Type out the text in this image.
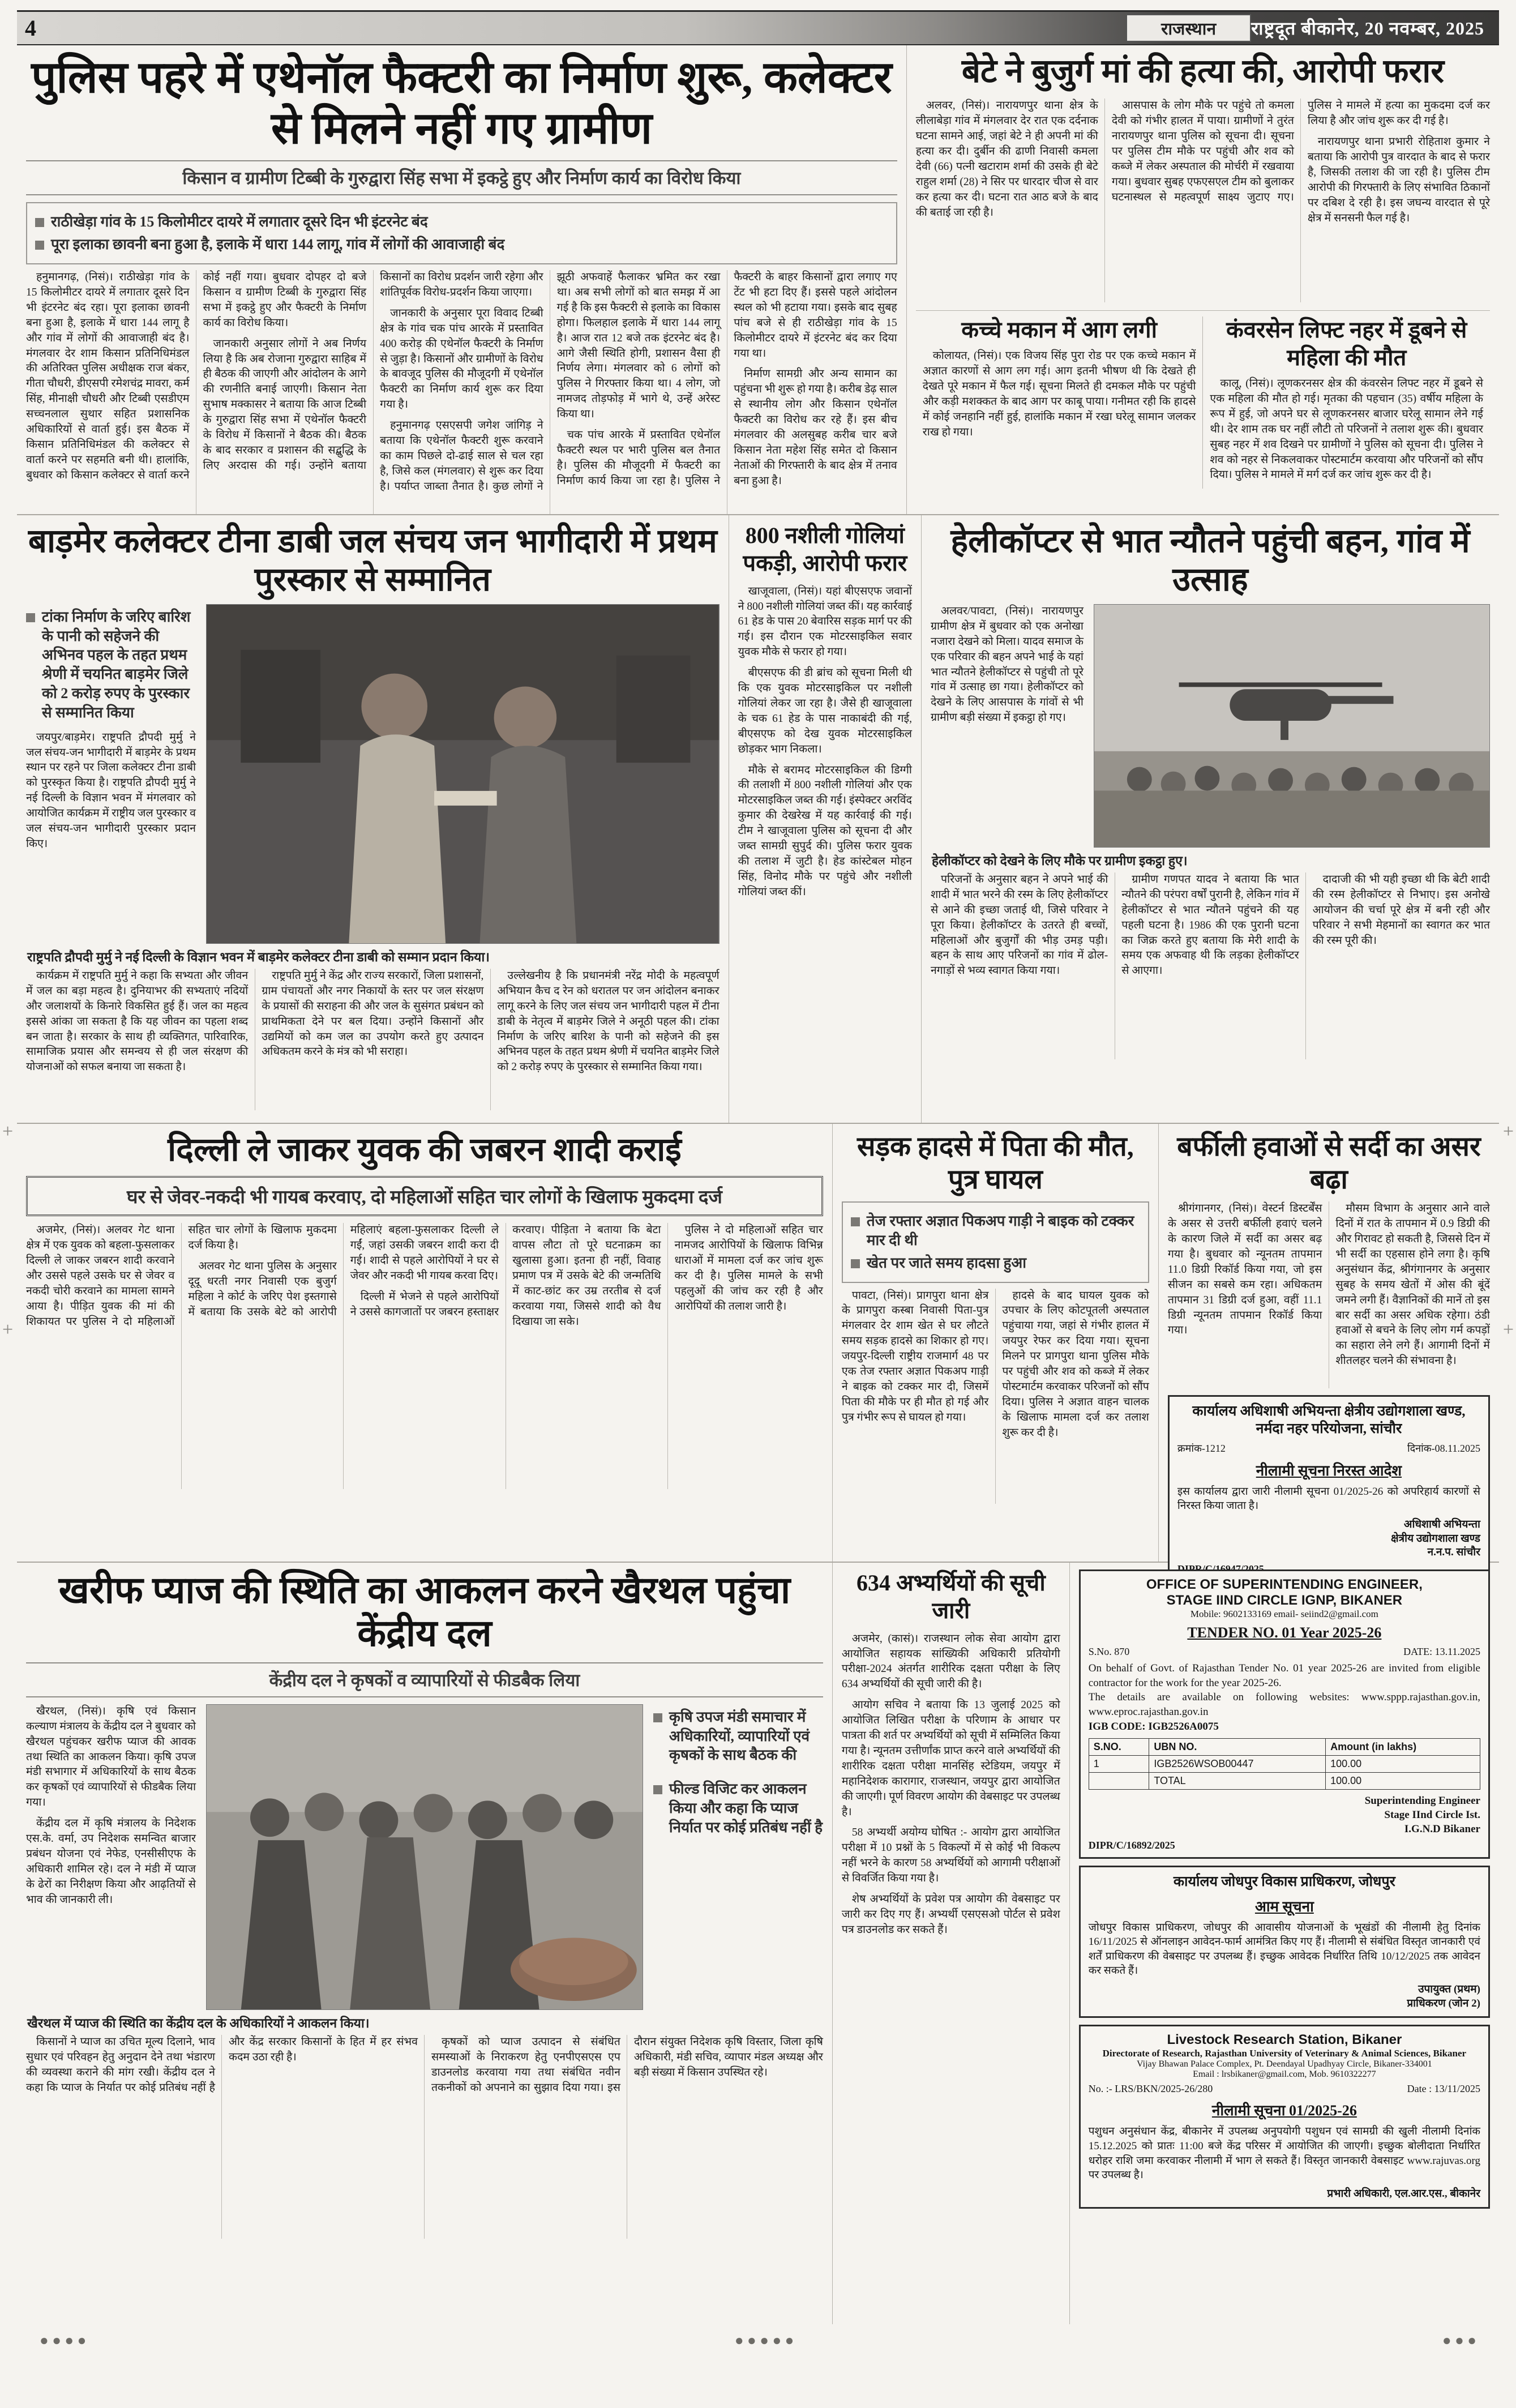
4	राजस्थान	राष्ट्रदूत बीकानेर, 20 नवम्बर, 2025
पुलिस पहरे में एथेनॉल फैक्टरी का निर्माण शुरू, कलेक्टर से मिलने नहीं गए ग्रामीण
किसान व ग्रामीण टिब्बी के गुरुद्वारा सिंह सभा में इकट्ठे हुए और निर्माण कार्य का विरोध किया
राठीखेड़ा गांव के 15 किलोमीटर दायरे में लगातार दूसरे दिन भी इंटरनेट बंद
पूरा इलाका छावनी बना हुआ है, इलाके में धारा 144 लागू, गांव में लोगों की आवाजाही बंद

हनुमानगढ़, (निसं)। राठीखेड़ा गांव के 15 किलोमीटर दायरे में लगातार दूसरे दिन भी इंटरनेट बंद रहा। पूरा इलाका छावनी बना हुआ है, इलाके में धारा 144 लागू है और गांव में लोगों की आवाजाही बंद है। मंगलवार देर शाम किसान प्रतिनिधिमंडल की अतिरिक्त पुलिस अधीक्षक राज बंकर, गीता चौधरी, डीएसपी रमेशचंद्र मावरा, कर्म सिंह, मीनाक्षी चौधरी और टिब्बी एसडीएम सच्चनलाल सुथार सहित प्रशासनिक अधिकारियों से वार्ता हुई। इस बैठक में किसान प्रतिनिधिमंडल की कलेक्टर से वार्ता करने पर सहमति बनी थी। हालांकि, बुधवार को किसान कलेक्टर से वार्ता करने कोई नहीं गया। बुधवार दोपहर दो बजे किसान व ग्रामीण टिब्बी के गुरुद्वारा सिंह सभा में इकट्ठे हुए और फैक्टरी के निर्माण कार्य का विरोध किया।

जानकारी अनुसार लोगों ने अब निर्णय लिया है कि अब रोजाना गुरुद्वारा साहिब में ही बैठक की जाएगी और आंदोलन के आगे की रणनीति बनाई जाएगी। किसान नेता सुभाष मक्कासर ने बताया कि आज टिब्बी के गुरुद्वारा सिंह सभा में एथेनॉल फैक्टरी के विरोध में किसानों ने बैठक की। बैठक के बाद सरकार व प्रशासन की सद्बुद्धि के लिए अरदास की गई। उन्होंने बताया किसानों का विरोध प्रदर्शन जारी रहेगा और शांतिपूर्वक विरोध-प्रदर्शन किया जाएगा।

जानकारी के अनुसार पूरा विवाद टिब्बी क्षेत्र के गांव चक पांच आरके में प्रस्तावित 400 करोड़ की एथेनॉल फैक्टरी के निर्माण से जुड़ा है। किसानों और ग्रामीणों के विरोध के बावजूद पुलिस की मौजूदगी में एथेनॉल फैक्टरी का निर्माण कार्य शुरू कर दिया गया है।

हनुमानगढ़ एसएसपी जगेश जांगिड़ ने बताया कि एथेनॉल फैक्टरी शुरू करवाने का काम पिछले दो-ढाई साल से चल रहा है, जिसे कल (मंगलवार) से शुरू कर दिया है। पर्याप्त जाब्ता तैनात है। कुछ लोगों ने झूठी अफवाहें फैलाकर भ्रमित कर रखा था। अब सभी लोगों को बात समझ में आ गई है कि इस फैक्टरी से इलाके का विकास होगा। फिलहाल इलाके में धारा 144 लागू है। आज रात 12 बजे तक इंटरनेट बंद है। आगे जैसी स्थिति होगी, प्रशासन वैसा ही निर्णय लेगा। मंगलवार को 6 लोगों को पुलिस ने गिरफ्तार किया था। 4 लोग, जो नामजद तोड़फोड़ में भागे थे, उन्हें अरेस्ट किया था।

चक पांच आरके में प्रस्तावित एथेनॉल फैक्टरी स्थल पर भारी पुलिस बल तैनात है। पुलिस की मौजूदगी में फैक्टरी का निर्माण कार्य किया जा रहा है। पुलिस ने फैक्टरी के बाहर किसानों द्वारा लगाए गए टेंट भी हटा दिए हैं। इससे पहले आंदोलन स्थल को भी हटाया गया। इसके बाद सुबह पांच बजे से ही राठीखेड़ा गांव के 15 किलोमीटर दायरे में इंटरनेट बंद कर दिया गया था।

निर्माण सामग्री और अन्य सामान का पहुंचना भी शुरू हो गया है। करीब डेढ़ साल से स्थानीय लोग और किसान एथेनॉल फैक्टरी का विरोध कर रहे हैं। इस बीच मंगलवार की अलसुबह करीब चार बजे किसान नेता महेश सिंह समेत दो किसान नेताओं की गिरफ्तारी के बाद क्षेत्र में तनाव बना हुआ है।

बेटे ने बुजुर्ग मां की हत्या की, आरोपी फरार

अलवर, (निसं)। नारायणपुर थाना क्षेत्र के लीलाबेड़ा गांव में मंगलवार देर रात एक दर्दनाक घटना सामने आई, जहां बेटे ने ही अपनी मां की हत्या कर दी। दुर्बीन की ढाणी निवासी कमला देवी (66) पत्नी खटाराम शर्मा की उसके ही बेटे राहुल शर्मा (28) ने सिर पर धारदार चीज से वार कर हत्या कर दी। घटना रात आठ बजे के बाद की बताई जा रही है।

आसपास के लोग मौके पर पहुंचे तो कमला देवी को गंभीर हालत में पाया। ग्रामीणों ने तुरंत नारायणपुर थाना पुलिस को सूचना दी। सूचना पर पुलिस टीम मौके पर पहुंची और शव को कब्जे में लेकर अस्पताल की मोर्चरी में रखवाया गया। बुधवार सुबह एफएसएल टीम को बुलाकर घटनास्थल से महत्वपूर्ण साक्ष्य जुटाए गए। पुलिस ने मामले में हत्या का मुकदमा दर्ज कर लिया है और जांच शुरू कर दी गई है।

नारायणपुर थाना प्रभारी रोहिताश कुमार ने बताया कि आरोपी पुत्र वारदात के बाद से फरार है, जिसकी तलाश की जा रही है। पुलिस टीम आरोपी की गिरफ्तारी के लिए संभावित ठिकानों पर दबिश दे रही है। इस जघन्य वारदात से पूरे क्षेत्र में सनसनी फैल गई है।

कच्चे मकान में आग लगी

कोलायत, (निसं)। एक विजय सिंह पुरा रोड पर एक कच्चे मकान में अज्ञात कारणों से आग लग गई। आग इतनी भीषण थी कि देखते ही देखते पूरे मकान में फैल गई। सूचना मिलते ही दमकल मौके पर पहुंची और कड़ी मशक्कत के बाद आग पर काबू पाया। गनीमत रही कि हादसे में कोई जनहानि नहीं हुई, हालांकि मकान में रखा घरेलू सामान जलकर राख हो गया।

कंवरसेन लिफ्ट नहर में डूबने से महिला की मौत

कालू, (निसं)। लूणकरनसर क्षेत्र की कंवरसेन लिफ्ट नहर में डूबने से एक महिला की मौत हो गई। मृतका की पहचान (35) वर्षीय महिला के रूप में हुई, जो अपने घर से लूणकरनसर बाजार घरेलू सामान लेने गई थी। देर शाम तक घर नहीं लौटी तो परिजनों ने तलाश शुरू की। बुधवार सुबह नहर में शव दिखने पर ग्रामीणों ने पुलिस को सूचना दी। पुलिस ने शव को नहर से निकलवाकर पोस्टमार्टम करवाया और परिजनों को सौंप दिया। पुलिस ने मामले में मर्ग दर्ज कर जांच शुरू कर दी है।

बाड़मेर कलेक्टर टीना डाबी जल संचय जन भागीदारी में प्रथम पुरस्कार से सम्मानित
टांका निर्माण के जरिए बारिश के पानी को सहेजने की अभिनव पहल के तहत प्रथम श्रेणी में चयनित बाड़मेर जिले को 2 करोड़ रुपए के पुरस्कार से सम्मानित किया

जयपुर/बाड़मेर। राष्ट्रपति द्रौपदी मुर्मु ने जल संचय-जन भागीदारी में बाड़मेर के प्रथम स्थान पर रहने पर जिला कलेक्टर टीना डाबी को पुरस्कृत किया है। राष्ट्रपति द्रौपदी मुर्मु ने नई दिल्ली के विज्ञान भवन में मंगलवार को आयोजित कार्यक्रम में राष्ट्रीय जल पुरस्कार व जल संचय-जन भागीदारी पुरस्कार प्रदान किए।

राष्ट्रपति द्रौपदी मुर्मु ने नई दिल्ली के विज्ञान भवन में बाड़मेर कलेक्टर टीना डाबी को सम्मान प्रदान किया।

कार्यक्रम में राष्ट्रपति मुर्मु ने कहा कि सभ्यता और जीवन में जल का बड़ा महत्व है। दुनियाभर की सभ्यताएं नदियों और जलाशयों के किनारे विकसित हुई हैं। जल का महत्व इससे आंका जा सकता है कि यह जीवन का पहला शब्द बन जाता है। सरकार के साथ ही व्यक्तिगत, पारिवारिक, सामाजिक प्रयास और समन्वय से ही जल संरक्षण की योजनाओं को सफल बनाया जा सकता है।

राष्ट्रपति मुर्मु ने केंद्र और राज्य सरकारों, जिला प्रशासनों, ग्राम पंचायतों और नगर निकायों के स्तर पर जल संरक्षण के प्रयासों की सराहना की और जल के सुसंगत प्रबंधन को प्राथमिकता देने पर बल दिया। उन्होंने किसानों और उद्यमियों को कम जल का उपयोग करते हुए उत्पादन अधिकतम करने के मंत्र को भी सराहा।

उल्लेखनीय है कि प्रधानमंत्री नरेंद्र मोदी के महत्वपूर्ण अभियान कैच द रेन को धरातल पर जन आंदोलन बनाकर लागू करने के लिए जल संचय जन भागीदारी पहल में टीना डाबी के नेतृत्व में बाड़मेर जिले ने अनूठी पहल की। टांका निर्माण के जरिए बारिश के पानी को सहेजने की इस अभिनव पहल के तहत प्रथम श्रेणी में चयनित बाड़मेर जिले को 2 करोड़ रुपए के पुरस्कार से सम्मानित किया गया।

800 नशीली गोलियां पकड़ी, आरोपी फरार

खाजूवाला, (निसं)। यहां बीएसएफ जवानों ने 800 नशीली गोलियां जब्त कीं। यह कार्रवाई 61 हेड के पास 20 बेवारिस सड़क मार्ग पर की गई। इस दौरान एक मोटरसाइकिल सवार युवक मौके से फरार हो गया।

बीएसएफ की डी ब्रांच को सूचना मिली थी कि एक युवक मोटरसाइकिल पर नशीली गोलियां लेकर जा रहा है। जैसे ही खाजूवाला के चक 61 हेड के पास नाकाबंदी की गई, बीएसएफ को देख युवक मोटरसाइकिल छोड़कर भाग निकला।

मौके से बरामद मोटरसाइकिल की डिग्गी की तलाशी में 800 नशीली गोलियां और एक मोटरसाइकिल जब्त की गई। इंस्पेक्टर अरविंद कुमार की देखरेख में यह कार्रवाई की गई। टीम ने खाजूवाला पुलिस को सूचना दी और जब्त सामग्री सुपुर्द की। पुलिस फरार युवक की तलाश में जुटी है। हेड कांस्टेबल मोहन सिंह, विनोद मौके पर पहुंचे और नशीली गोलियां जब्त कीं।

हेलीकॉप्टर से भात न्यौतने पहुंची बहन, गांव में उत्साह

अलवर/पावटा, (निसं)। नारायणपुर ग्रामीण क्षेत्र में बुधवार को एक अनोखा नजारा देखने को मिला। यादव समाज के एक परिवार की बहन अपने भाई के यहां भात न्यौतने हेलीकॉप्टर से पहुंची तो पूरे गांव में उत्साह छा गया। हेलीकॉप्टर को देखने के लिए आसपास के गांवों से भी ग्रामीण बड़ी संख्या में इकट्ठा हो गए।

हेलीकॉप्टर को देखने के लिए मौके पर ग्रामीण इकट्ठा हुए।

परिजनों के अनुसार बहन ने अपने भाई की शादी में भात भरने की रस्म के लिए हेलीकॉप्टर से आने की इच्छा जताई थी, जिसे परिवार ने पूरा किया। हेलीकॉप्टर के उतरते ही बच्चों, महिलाओं और बुजुर्गों की भीड़ उमड़ पड़ी। बहन के साथ आए परिजनों का गांव में ढोल-नगाड़ों से भव्य स्वागत किया गया।

ग्रामीण गणपत यादव ने बताया कि भात न्यौतने की परंपरा वर्षों पुरानी है, लेकिन गांव में हेलीकॉप्टर से भात न्यौतने पहुंचने की यह पहली घटना है। 1986 की एक पुरानी घटना का जिक्र करते हुए बताया कि मेरी शादी के समय एक अफवाह थी कि लड़का हेलीकॉप्टर से आएगा।

दादाजी की भी यही इच्छा थी कि बेटी शादी की रस्म हेलीकॉप्टर से निभाए। इस अनोखे आयोजन की चर्चा पूरे क्षेत्र में बनी रही और परिवार ने सभी मेहमानों का स्वागत कर भात की रस्म पूरी की।

दिल्ली ले जाकर युवक की जबरन शादी कराई
घर से जेवर-नकदी भी गायब करवाए, दो महिलाओं सहित चार लोगों के खिलाफ मुकदमा दर्ज

अजमेर, (निसं)। अलवर गेट थाना क्षेत्र में एक युवक को बहला-फुसलाकर दिल्ली ले जाकर जबरन शादी करवाने और उससे पहले उसके घर से जेवर व नकदी चोरी करवाने का मामला सामने आया है। पीड़ित युवक की मां की शिकायत पर पुलिस ने दो महिलाओं सहित चार लोगों के खिलाफ मुकदमा दर्ज किया है।

अलवर गेट थाना पुलिस के अनुसार दूदू धरती नगर निवासी एक बुजुर्ग महिला ने कोर्ट के जरिए पेश इस्तगासे में बताया कि उसके बेटे को आरोपी महिलाएं बहला-फुसलाकर दिल्ली ले गईं, जहां उसकी जबरन शादी करा दी गई। शादी से पहले आरोपियों ने घर से जेवर और नकदी भी गायब करवा दिए।

दिल्ली में भेजने से पहले आरोपियों ने उससे कागजातों पर जबरन हस्ताक्षर करवाए। पीड़िता ने बताया कि बेटा वापस लौटा तो पूरे घटनाक्रम का खुलासा हुआ। इतना ही नहीं, विवाह प्रमाण पत्र में उसके बेटे की जन्मतिथि में काट-छांट कर उम्र तरतीब से दर्ज करवाया गया, जिससे शादी को वैध दिखाया जा सके।

पुलिस ने दो महिलाओं सहित चार नामजद आरोपियों के खिलाफ विभिन्न धाराओं में मामला दर्ज कर जांच शुरू कर दी है। पुलिस मामले के सभी पहलुओं की जांच कर रही है और आरोपियों की तलाश जारी है।

सड़क हादसे में पिता की मौत, पुत्र घायल
तेज रफ्तार अज्ञात पिकअप गाड़ी ने बाइक को टक्कर मार दी थी
खेत पर जाते समय हादसा हुआ

पावटा, (निसं)। प्रागपुरा थाना क्षेत्र के प्रागपुरा कस्बा निवासी पिता-पुत्र मंगलवार देर शाम खेत से घर लौटते समय सड़क हादसे का शिकार हो गए। जयपुर-दिल्ली राष्ट्रीय राजमार्ग 48 पर एक तेज रफ्तार अज्ञात पिकअप गाड़ी ने बाइक को टक्कर मार दी, जिसमें पिता की मौके पर ही मौत हो गई और पुत्र गंभीर रूप से घायल हो गया।

हादसे के बाद घायल युवक को उपचार के लिए कोटपूतली अस्पताल पहुंचाया गया, जहां से गंभीर हालत में जयपुर रेफर कर दिया गया। सूचना मिलने पर प्रागपुरा थाना पुलिस मौके पर पहुंची और शव को कब्जे में लेकर पोस्टमार्टम करवाकर परिजनों को सौंप दिया। पुलिस ने अज्ञात वाहन चालक के खिलाफ मामला दर्ज कर तलाश शुरू कर दी है।

बर्फीली हवाओं से सर्दी का असर बढ़ा

श्रीगंगानगर, (निसं)। वेस्टर्न डिस्टर्बेंस के असर से उत्तरी बर्फीली हवाएं चलने के कारण जिले में सर्दी का असर बढ़ गया है। बुधवार को न्यूनतम तापमान 11.0 डिग्री रिकॉर्ड किया गया, जो इस सीजन का सबसे कम रहा। अधिकतम तापमान 31 डिग्री दर्ज हुआ, वहीं 11.1 डिग्री न्यूनतम तापमान रिकॉर्ड किया गया।

मौसम विभाग के अनुसार आने वाले दिनों में रात के तापमान में 0.9 डिग्री की और गिरावट हो सकती है, जिससे दिन में भी सर्दी का एहसास होने लगा है। कृषि अनुसंधान केंद्र, श्रीगंगानगर के अनुसार सुबह के समय खेतों में ओस की बूंदें जमने लगी हैं। वैज्ञानिकों की मानें तो इस बार सर्दी का असर अधिक रहेगा। ठंडी हवाओं से बचने के लिए लोग गर्म कपड़ों का सहारा लेने लगे हैं। आगामी दिनों में शीतलहर चलने की संभावना है।

कार्यालय अधिशाषी अभियन्ता क्षेत्रीय उद्योगशाला खण्ड, नर्मदा नहर परियोजना, सांचौर
क्रमांक-1212	दिनांक-08.11.2025
नीलामी सूचना निरस्त आदेश
इस कार्यालय द्वारा जारी नीलामी सूचना 01/2025-26 को अपरिहार्य कारणों से निरस्त किया जाता है।
अधिशाषी अभियन्ता
क्षेत्रीय उद्योगशाला खण्ड
न.न.प. सांचौर
खरीफ प्याज की स्थिति का आकलन करने खैरथल पहुंचा केंद्रीय दल
केंद्रीय दल ने कृषकों व व्यापारियों से फीडबैक लिया

खैरथल, (निसं)। कृषि एवं किसान कल्याण मंत्रालय के केंद्रीय दल ने बुधवार को खैरथल पहुंचकर खरीफ प्याज की आवक तथा स्थिति का आकलन किया। कृषि उपज मंडी सभागार में अधिकारियों के साथ बैठक कर कृषकों एवं व्यापारियों से फीडबैक लिया गया।

केंद्रीय दल में कृषि मंत्रालय के निदेशक एस.के. वर्मा, उप निदेशक समन्वित बाजार प्रबंधन योजना एवं नेफेड, एनसीसीएफ के अधिकारी शामिल रहे। दल ने मंडी में प्याज के ढेरों का निरीक्षण किया और आढ़तियों से भाव की जानकारी ली।

कृषि उपज मंडी समाचार में अधिकारियों, व्यापारियों एवं कृषकों के साथ बैठक की
फील्ड विजिट कर आकलन किया और कहा कि प्याज निर्यात पर कोई प्रतिबंध नहीं है
खैरथल में प्याज की स्थिति का केंद्रीय दल के अधिकारियों ने आकलन किया।

किसानों ने प्याज का उचित मूल्य दिलाने, भाव सुधार एवं परिवहन हेतु अनुदान देने तथा भंडारण की व्यवस्था कराने की मांग रखी। केंद्रीय दल ने कहा कि प्याज के निर्यात पर कोई प्रतिबंध नहीं है और केंद्र सरकार किसानों के हित में हर संभव कदम उठा रही है।

कृषकों को प्याज उत्पादन से संबंधित समस्याओं के निराकरण हेतु एनपीएसएस एप डाउनलोड करवाया गया तथा संबंधित नवीन तकनीकों को अपनाने का सुझाव दिया गया। इस दौरान संयुक्त निदेशक कृषि विस्तार, जिला कृषि अधिकारी, मंडी सचिव, व्यापार मंडल अध्यक्ष और बड़ी संख्या में किसान उपस्थित रहे।

634 अभ्यर्थियों की सूची जारी

अजमेर, (कासं)। राजस्थान लोक सेवा आयोग द्वारा आयोजित सहायक सांख्यिकी अधिकारी प्रतियोगी परीक्षा-2024 अंतर्गत शारीरिक दक्षता परीक्षा के लिए 634 अभ्यर्थियों की सूची जारी की है।

आयोग सचिव ने बताया कि 13 जुलाई 2025 को आयोजित लिखित परीक्षा के परिणाम के आधार पर पात्रता की शर्त पर अभ्यर्थियों को सूची में सम्मिलित किया गया है। न्यूनतम उत्तीर्णांक प्राप्त करने वाले अभ्यर्थियों की शारीरिक दक्षता परीक्षा मानसिंह स्टेडियम, जयपुर में महानिदेशक कारागार, राजस्थान, जयपुर द्वारा आयोजित की जाएगी। पूर्ण विवरण आयोग की वेबसाइट पर उपलब्ध है।

58 अभ्यर्थी अयोग्य घोषित :- आयोग द्वारा आयोजित परीक्षा में 10 प्रश्नों के 5 विकल्पों में से कोई भी विकल्प नहीं भरने के कारण 58 अभ्यर्थियों को आगामी परीक्षाओं से विवर्जित किया गया है।

शेष अभ्यर्थियों के प्रवेश पत्र आयोग की वेबसाइट पर जारी कर दिए गए हैं। अभ्यर्थी एसएसओ पोर्टल से प्रवेश पत्र डाउनलोड कर सकते हैं।

OFFICE OF SUPERINTENDING ENGINEER,
STAGE IIND CIRCLE IGNP, BIKANER
Mobile: 9602133169 email- seiind2@gmail.com
TENDER NO. 01 Year 2025-26
S.No. 870	DATE: 13.11.2025
On behalf of Govt. of Rajasthan Tender No. 01 year 2025-26 are invited from eligible contractor for the work for the year 2025-26.
The details are available on following websites: www.sppp.rajasthan.gov.in, www.eproc.rajasthan.gov.in
IGB CODE: IGB2526A0075
S.NO.	UBN NO.	Amount (in lakhs)
1	IGB2526WSOB00447	100.00
	TOTAL	100.00
Superintending Engineer
Stage IInd Circle Ist.
I.G.N.D Bikaner
DIPR/C/16892/2025
कार्यालय जोधपुर विकास प्राधिकरण, जोधपुर
आम सूचना
जोधपुर विकास प्राधिकरण, जोधपुर की आवासीय योजनाओं के भूखंडों की नीलामी हेतु दिनांक 16/11/2025 से ऑनलाइन आवेदन-फार्म आमंत्रित किए गए हैं। नीलामी से संबंधित विस्तृत जानकारी एवं शर्तें प्राधिकरण की वेबसाइट पर उपलब्ध हैं। इच्छुक आवेदक निर्धारित तिथि 10/12/2025 तक आवेदन कर सकते हैं।
उपायुक्त (प्रथम)
प्राधिकरण (जोन 2)
Livestock Research Station, Bikaner
Directorate of Research, Rajasthan University of Veterinary & Animal Sciences, Bikaner
Vijay Bhawan Palace Complex, Pt. Deendayal Upadhyay Circle, Bikaner-334001
Email : lrsbikaner@gmail.com, Mob. 9610322277
No. :- LRS/BKN/2025-26/280	Date : 13/11/2025
नीलामी सूचना 01/2025-26
पशुधन अनुसंधान केंद्र, बीकानेर में उपलब्ध अनुपयोगी पशुधन एवं सामग्री की खुली नीलामी दिनांक 15.12.2025 को प्रातः 11:00 बजे केंद्र परिसर में आयोजित की जाएगी। इच्छुक बोलीदाता निर्धारित धरोहर राशि जमा करवाकर नीलामी में भाग ले सकते हैं। विस्तृत जानकारी वेबसाइट www.rajuvas.org पर उपलब्ध है।
प्रभारी अधिकारी, एल.आर.एस., बीकानेर
● ● ● ●	● ● ● ● ●	● ● ●
+	+
+	+
